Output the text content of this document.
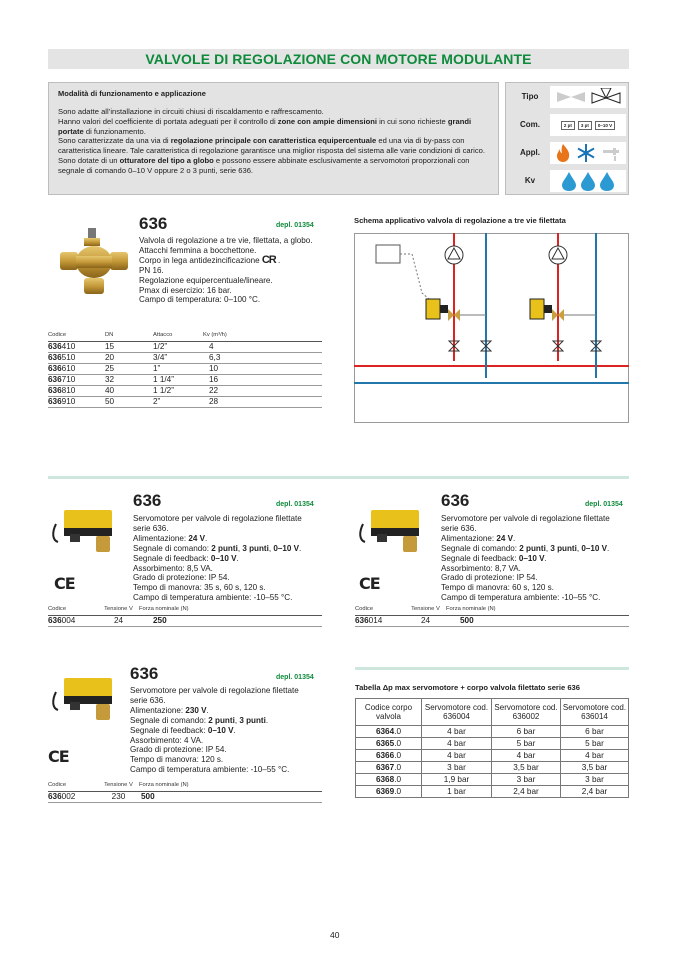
VALVOLE DI REGOLAZIONE CON MOTORE MODULANTE
Modalità di funzionamento e applicazione

Sono adatte all’installazione in circuiti chiusi di riscaldamento e raffrescamento.

Hanno valori del coefficiente di portata adeguati per il controllo di zone con ampie dimensioni in cui sono richieste grandi portate di funzionamento.

Sono caratterizzate da una via di regolazione principale con caratteristica equipercentuale ed una via di by-pass con caratteristica lineare. Tale caratteristica di regolazione garantisce una miglior risposta del sistema alle varie condizioni di carico.

Sono dotate di un otturatore del tipo a globo e possono essere abbinate esclusivamente a servomotori proporzionali con segnale di comando 0–10 V oppure 2 o 3 punti, serie 636.

Tipo
Com.	2 pt	3 pt	0–10 V
Appl.
Kv
636	depl. 01354
Valvola di regolazione a tre vie, filettata, a globo.
Attacchi femmina a bocchettone.
Corpo in lega antidezincificazione CR .
PN 16.
Regolazione equipercentuale/lineare.
Pmax di esercizio: 16 bar.
Campo di temperatura: 0–100 °C.
Codice	DN	Attacco	Kv (m³/h)
636410	15	1/2”	4
636510	20	3/4”	6,3
636610	25	1”	10
636710	32	1 1/4”	16
636810	40	1 1/2”	22
636910	50	2”	28
Schema applicativo valvola di regolazione a tre vie filettata
CE
636	depl. 01354
Servomotore per valvole di regolazione filettate
serie 636.
Alimentazione: 24 V.
Segnale di comando: 2 punti, 3 punti, 0–10 V.
Segnale di feedback: 0–10 V.
Assorbimento: 8,5 VA.
Grado di protezione: IP 54.
Tempo di manovra: 35 s, 60 s, 120 s.
Campo di temperatura ambiente: -10–55 °C.
Codice	Tensione V	Forza nominale (N)
636004	24	250
CE
636	depl. 01354
Servomotore per valvole di regolazione filettate
serie 636.
Alimentazione: 24 V.
Segnale di comando: 2 punti, 3 punti, 0–10 V.
Segnale di feedback: 0–10 V.
Assorbimento: 8,7 VA.
Grado di protezione: IP 54.
Tempo di manovra: 60 s, 120 s.
Campo di temperatura ambiente: -10–55 °C.
Codice	Tensione V	Forza nominale (N)
636014	24	500
CE
636	depl. 01354
Servomotore per valvole di regolazione filettate
serie 636.
Alimentazione: 230 V.
Segnale di comando: 2 punti, 3 punti.
Segnale di feedback: 0–10 V.
Assorbimento: 4 VA.
Grado di protezione: IP 54.
Tempo di manovra: 120 s.
Campo di temperatura ambiente: -10–55 °C.
Codice	Tensione V	Forza nominale (N)
636002	230	500
Tabella Δp max servomotore + corpo valvola filettato serie 636
Codice corpo valvola	Servomotore cod. 636004	Servomotore cod. 636002	Servomotore cod. 636014
6364.0	4 bar	6 bar	6 bar
6365.0	4 bar	5 bar	5 bar
6366.0	4 bar	4 bar	4 bar
6367.0	3 bar	3,5 bar	3,5 bar
6368.0	1,9 bar	3 bar	3 bar
6369.0	1 bar	2,4 bar	2,4 bar
40
